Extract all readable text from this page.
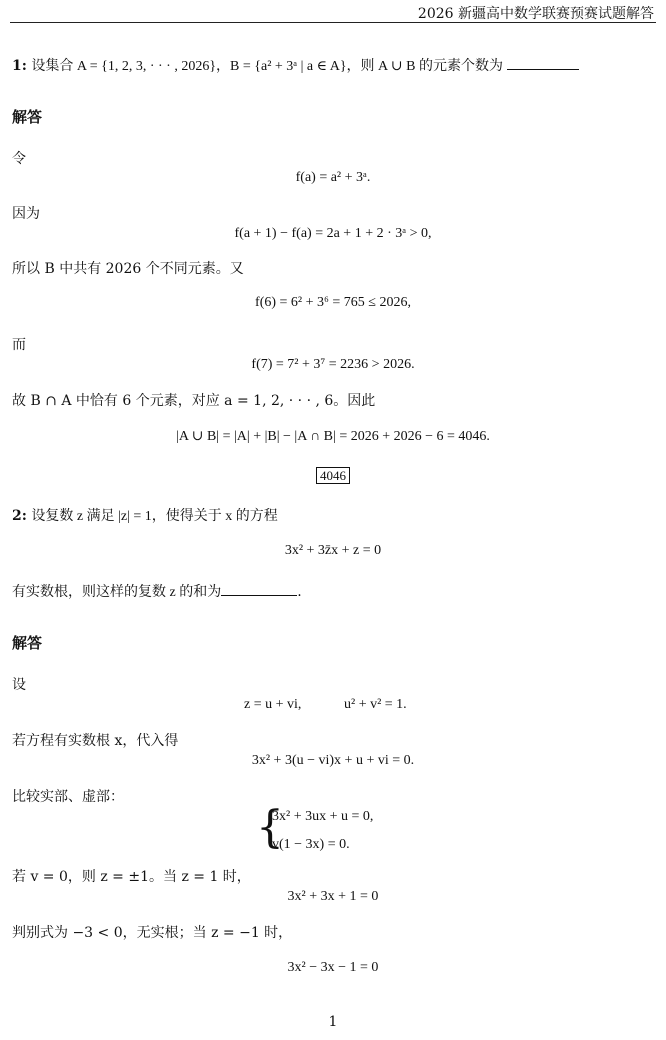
2026 新疆高中数学联赛预赛试题解答
1: 设集合 A = {1, 2, 3, · · · , 2026}，B = {a² + 3ᵃ | a ∈ A}，则 A ∪ B 的元素个数为
解答
令
f(a) = a² + 3ᵃ.
因为
f(a + 1) − f(a) = 2a + 1 + 2 · 3ᵃ > 0,
所以 B 中共有 2026 个不同元素。又
f(6) = 6² + 3⁶ = 765 ≤ 2026,
而
f(7) = 7² + 3⁷ = 2236 > 2026.
故 B ∩ A 中恰有 6 个元素，对应 a = 1, 2, · · · , 6。因此
|A ∪ B| = |A| + |B| − |A ∩ B| = 2026 + 2026 − 6 = 4046.
4046
2: 设复数 z 满足 |z| = 1，使得关于 x 的方程
3x² + 3z̄x + z = 0
有实数根，则这样的复数 z 的和为	.
解答
设
z = u + vi,	u² + v² = 1.
若方程有实数根 x，代入得
3x² + 3(u − vi)x + u + vi = 0.
比较实部、虚部：
{
3x² + 3ux + u = 0,
v(1 − 3x) = 0.
若 v = 0，则 z = ±1。当 z = 1 时，
3x² + 3x + 1 = 0
判别式为 −3 < 0，无实根；当 z = −1 时，
3x² − 3x − 1 = 0
1
